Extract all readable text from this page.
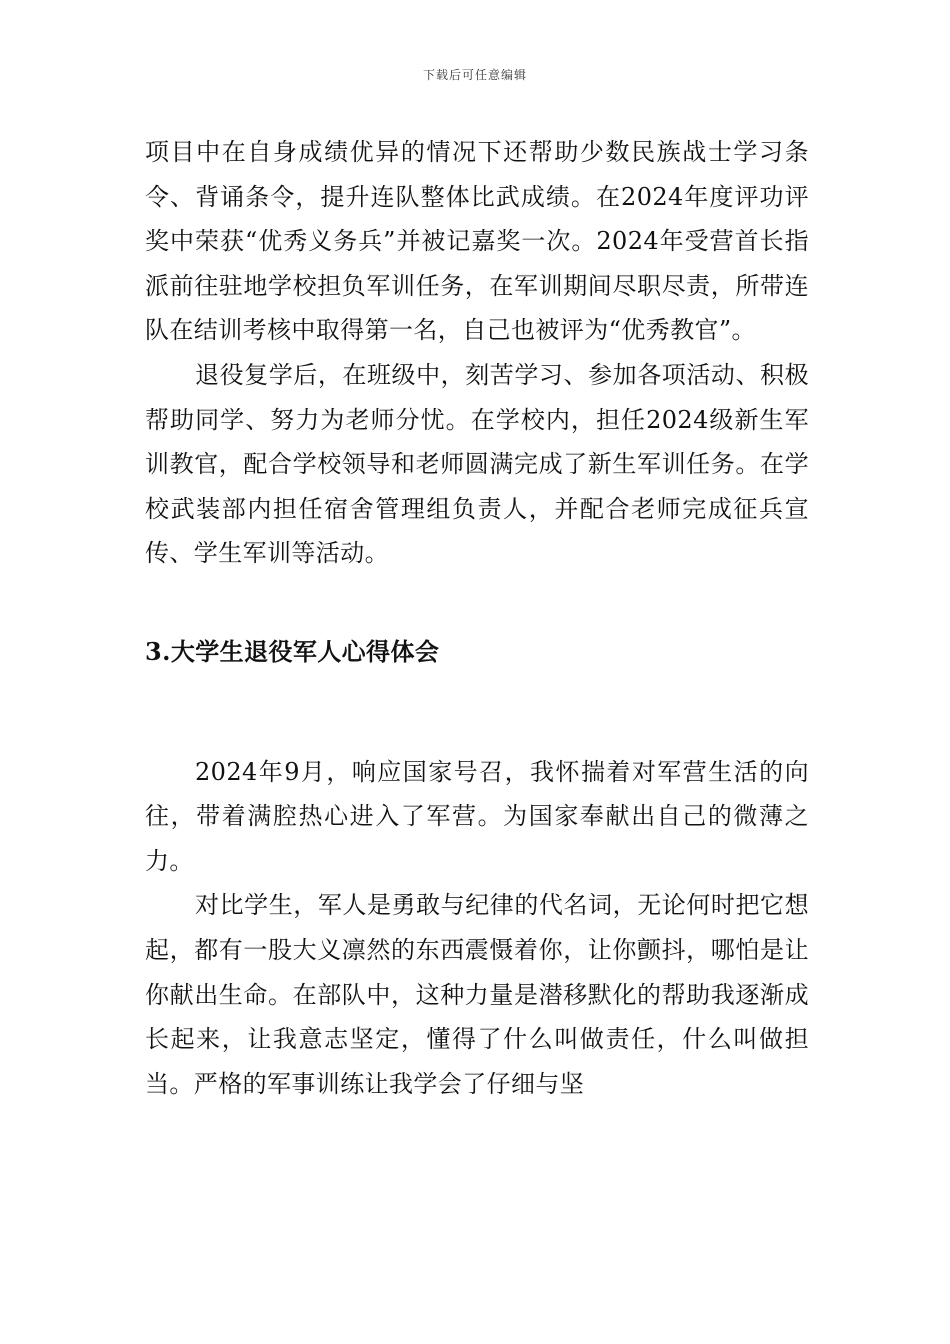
下载后可任意编辑

项目中在自身成绩优异的情况下还帮助少数民族战士学习条令、背诵条令，提升连队整体比武成绩。在2024年度评功评奖中荣获“优秀义务兵”并被记嘉奖一次。2024年受营首长指派前往驻地学校担负军训任务，在军训期间尽职尽责，所带连队在结训考核中取得第一名，自己也被评为“优秀教官”。

退役复学后，在班级中，刻苦学习、参加各项活动、积极帮助同学、努力为老师分忧。在学校内，担任2024级新生军训教官，配合学校领导和老师圆满完成了新生军训任务。在学校武装部内担任宿舍管理组负责人，并配合老师完成征兵宣传、学生军训等活动。

3.大学生退役军人心得体会

2024年9月，响应国家号召，我怀揣着对军营生活的向往，带着满腔热心进入了军营。为国家奉献出自己的微薄之力。

对比学生，军人是勇敢与纪律的代名词，无论何时把它想起，都有一股大义凛然的东西震慑着你，让你颤抖，哪怕是让你献出生命。在部队中，这种力量是潜移默化的帮助我逐渐成长起来，让我意志坚定，懂得了什么叫做责任，什么叫做担当。严格的军事训练让我学会了仔细与坚
